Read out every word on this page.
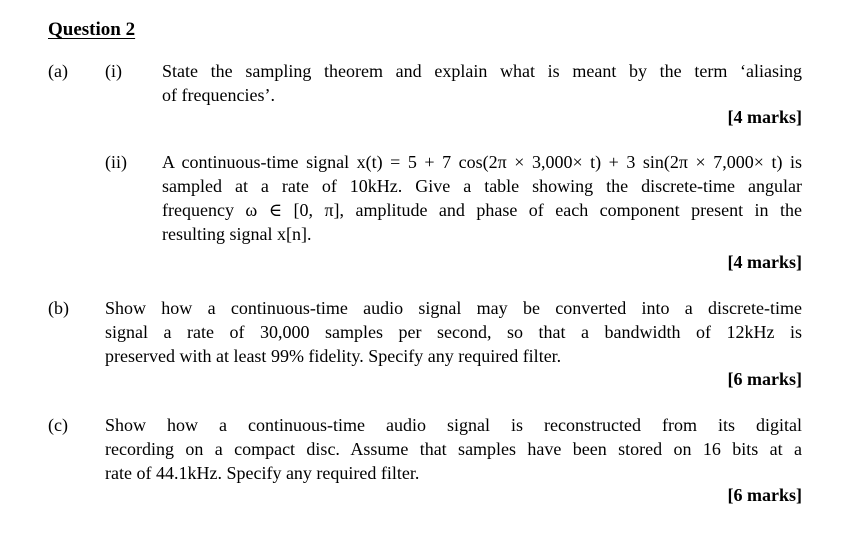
Question 2
(a) (i) State the sampling theorem and explain what is meant by the term ‘aliasing
of frequencies’.
[4 marks]
(ii) A continuous-time signal x(t) = 5 + 7 cos(2π × 3,000× t) + 3 sin(2π × 7,000× t) is
sampled at a rate of 10kHz. Give a table showing the discrete-time angular
frequency ω ∈ [0, π], amplitude and phase of each component present in the
resulting signal x[n].
[4 marks]
(b) Show how a continuous-time audio signal may be converted into a discrete-time
signal a rate of 30,000 samples per second, so that a bandwidth of 12kHz is
preserved with at least 99% fidelity. Specify any required filter.
[6 marks]
(c) Show how a continuous-time audio signal is reconstructed from its digital
recording on a compact disc. Assume that samples have been stored on 16 bits at a
rate of 44.1kHz. Specify any required filter.
[6 marks]
